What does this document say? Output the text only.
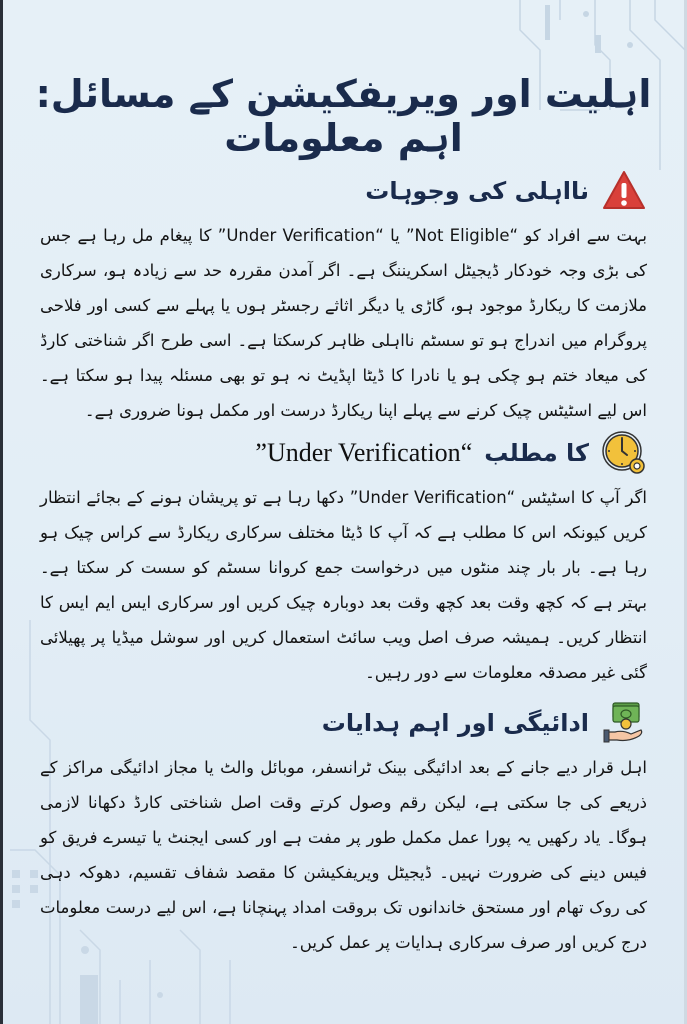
اہلیت اور ویریفکیشن کے مسائل: اہم معلومات
نااہلی کی وجوہات
بہت سے افراد کو “Not Eligible” یا “Under Verification” کا پیغام مل رہا ہے جس کی بڑی وجہ خودکار ڈیجیٹل اسکریننگ ہے۔ اگر آمدن مقررہ حد سے زیادہ ہو، سرکاری ملازمت کا ریکارڈ موجود ہو، گاڑی یا دیگر اثاثے رجسٹر ہوں یا پہلے سے کسی اور فلاحی پروگرام میں اندراج ہو تو سسٹم نااہلی ظاہر کرسکتا ہے۔ اسی طرح اگر شناختی کارڈ کی میعاد ختم ہو چکی ہو یا نادرا کا ڈیٹا اپڈیٹ نہ ہو تو بھی مسئلہ پیدا ہو سکتا ہے۔ اس لیے اسٹیٹس چیک کرنے سے پہلے اپنا ریکارڈ درست اور مکمل ہونا ضروری ہے۔
کا مطلب
“Under Verification”
اگر آپ کا اسٹیٹس “Under Verification” دکھا رہا ہے تو پریشان ہونے کے بجائے انتظار کریں کیونکہ اس کا مطلب ہے کہ آپ کا ڈیٹا مختلف سرکاری ریکارڈ سے کراس چیک ہو رہا ہے۔ بار بار چند منٹوں میں درخواست جمع کروانا سسٹم کو سست کر سکتا ہے۔ بہتر ہے کہ کچھ وقت بعد کچھ وقت بعد دوبارہ چیک کریں اور سرکاری ایس ایم ایس کا انتظار کریں۔ ہمیشہ صرف اصل ویب سائٹ استعمال کریں اور سوشل میڈیا پر پھیلائی گئی غیر مصدقہ معلومات سے دور رہیں۔
ادائیگی اور اہم ہدایات
اہل قرار دیے جانے کے بعد ادائیگی بینک ٹرانسفر، موبائل والٹ یا مجاز ادائیگی مراکز کے ذریعے کی جا سکتی ہے، لیکن رقم وصول کرتے وقت اصل شناختی کارڈ دکھانا لازمی ہوگا۔ یاد رکھیں یہ پورا عمل مکمل طور پر مفت ہے اور کسی ایجنٹ یا تیسرے فریق کو فیس دینے کی ضرورت نہیں۔ ڈیجیٹل ویریفکیشن کا مقصد شفاف تقسیم، دھوکہ دہی کی روک تھام اور مستحق خاندانوں تک بروقت امداد پہنچانا ہے، اس لیے درست معلومات درج کریں اور صرف سرکاری ہدایات پر عمل کریں۔
